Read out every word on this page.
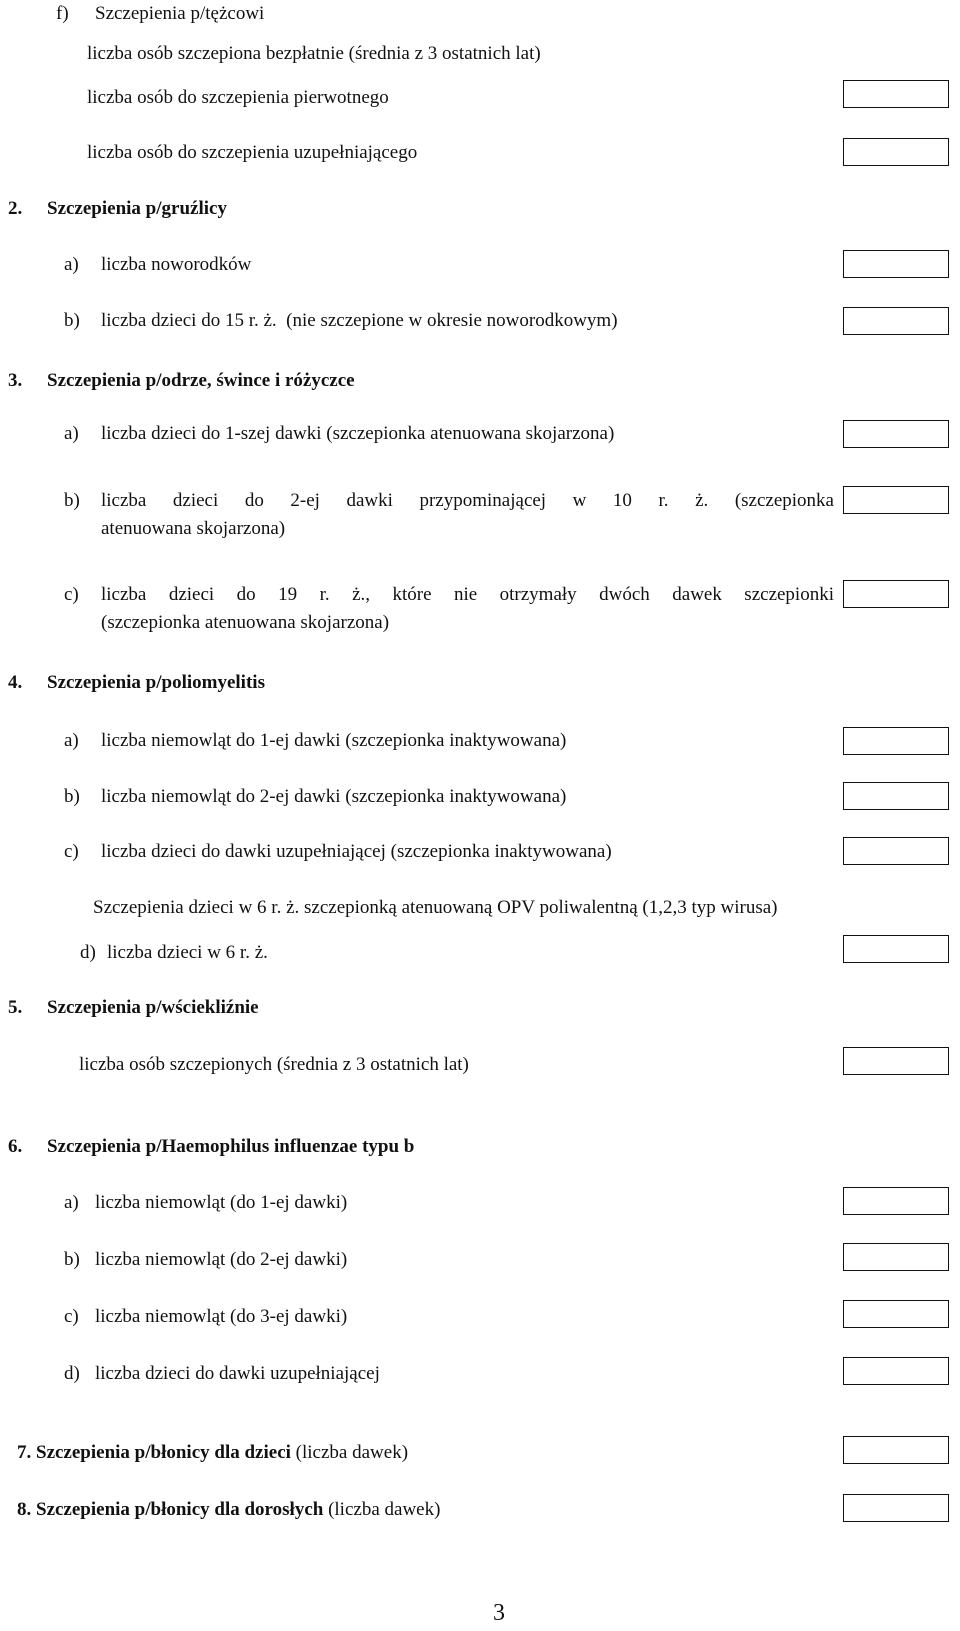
f) Szczepienia p/tężcowi
liczba osób szczepiona bezpłatnie (średnia z 3 ostatnich lat)
liczba osób do szczepienia pierwotnego
liczba osób do szczepienia uzupełniającego
2. Szczepienia p/gruźlicy
a) liczba noworodków
b) liczba dzieci do 15 r. ż.  (nie szczepione w okresie noworodkowym)
3. Szczepienia p/odrze, śwince i różyczce
a) liczba dzieci do 1-szej dawki (szczepionka atenuowana skojarzona)
b) liczba dzieci do 2-ej dawki przypominającej w 10 r. ż. (szczepionka
atenuowana skojarzona)
c) liczba dzieci do 19 r. ż., które nie otrzymały dwóch dawek szczepionki
(szczepionka atenuowana skojarzona)
4. Szczepienia p/poliomyelitis
a) liczba niemowląt do 1-ej dawki (szczepionka inaktywowana)
b) liczba niemowląt do 2-ej dawki (szczepionka inaktywowana)
c) liczba dzieci do dawki uzupełniającej (szczepionka inaktywowana)
Szczepienia dzieci w 6 r. ż. szczepionką atenuowaną OPV poliwalentną (1,2,3 typ wirusa)
d) liczba dzieci w 6 r. ż.
5. Szczepienia p/wściekliźnie
liczba osób szczepionych (średnia z 3 ostatnich lat)
6. Szczepienia p/Haemophilus influenzae typu b
a) liczba niemowląt (do 1-ej dawki)
b) liczba niemowląt (do 2-ej dawki)
c) liczba niemowląt (do 3-ej dawki)
d) liczba dzieci do dawki uzupełniającej
7. Szczepienia p/błonicy dla dzieci (liczba dawek)
8. Szczepienia p/błonicy dla dorosłych (liczba dawek)
3
